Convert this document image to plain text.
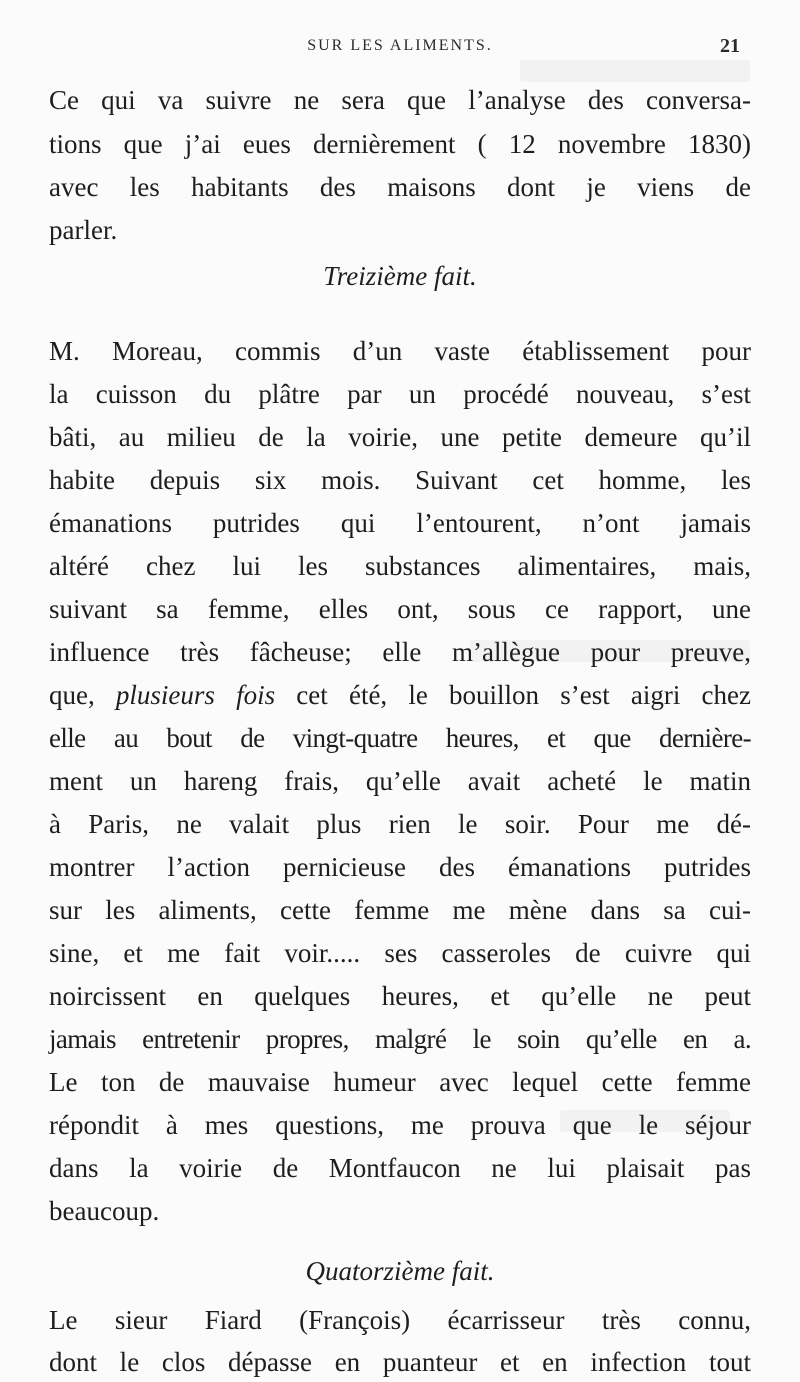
SUR LES ALIMENTS.	21
Ce qui va suivre ne sera que l’analyse des conversa-
tions que j’ai eues dernièrement ( 12 novembre 1830)
avec les habitants des maisons dont je viens de
parler.
Treizième fait.
M. Moreau, commis d’un vaste établissement pour
la cuisson du plâtre par un procédé nouveau, s’est
bâti, au milieu de la voirie, une petite demeure qu’il
habite depuis six mois. Suivant cet homme, les
émanations putrides qui l’entourent, n’ont jamais
altéré chez lui les substances alimentaires, mais,
suivant sa femme, elles ont, sous ce rapport, une
influence très fâcheuse; elle m’allègue pour preuve,
que, plusieurs fois cet été, le bouillon s’est aigri chez
elle au bout de vingt-quatre heures, et que dernière-
ment un hareng frais, qu’elle avait acheté le matin
à Paris, ne valait plus rien le soir. Pour me dé-
montrer l’action pernicieuse des émanations putrides
sur les aliments, cette femme me mène dans sa cui-
sine, et me fait voir..... ses casseroles de cuivre qui
noircissent en quelques heures, et qu’elle ne peut
jamais entretenir propres, malgré le soin qu’elle en a.
Le ton de mauvaise humeur avec lequel cette femme
répondit à mes questions, me prouva que le séjour
dans la voirie de Montfaucon ne lui plaisait pas
beaucoup.
Quatorzième fait.
Le sieur Fiard (François) écarrisseur très connu,
dont le clos dépasse en puanteur et en infection tout
